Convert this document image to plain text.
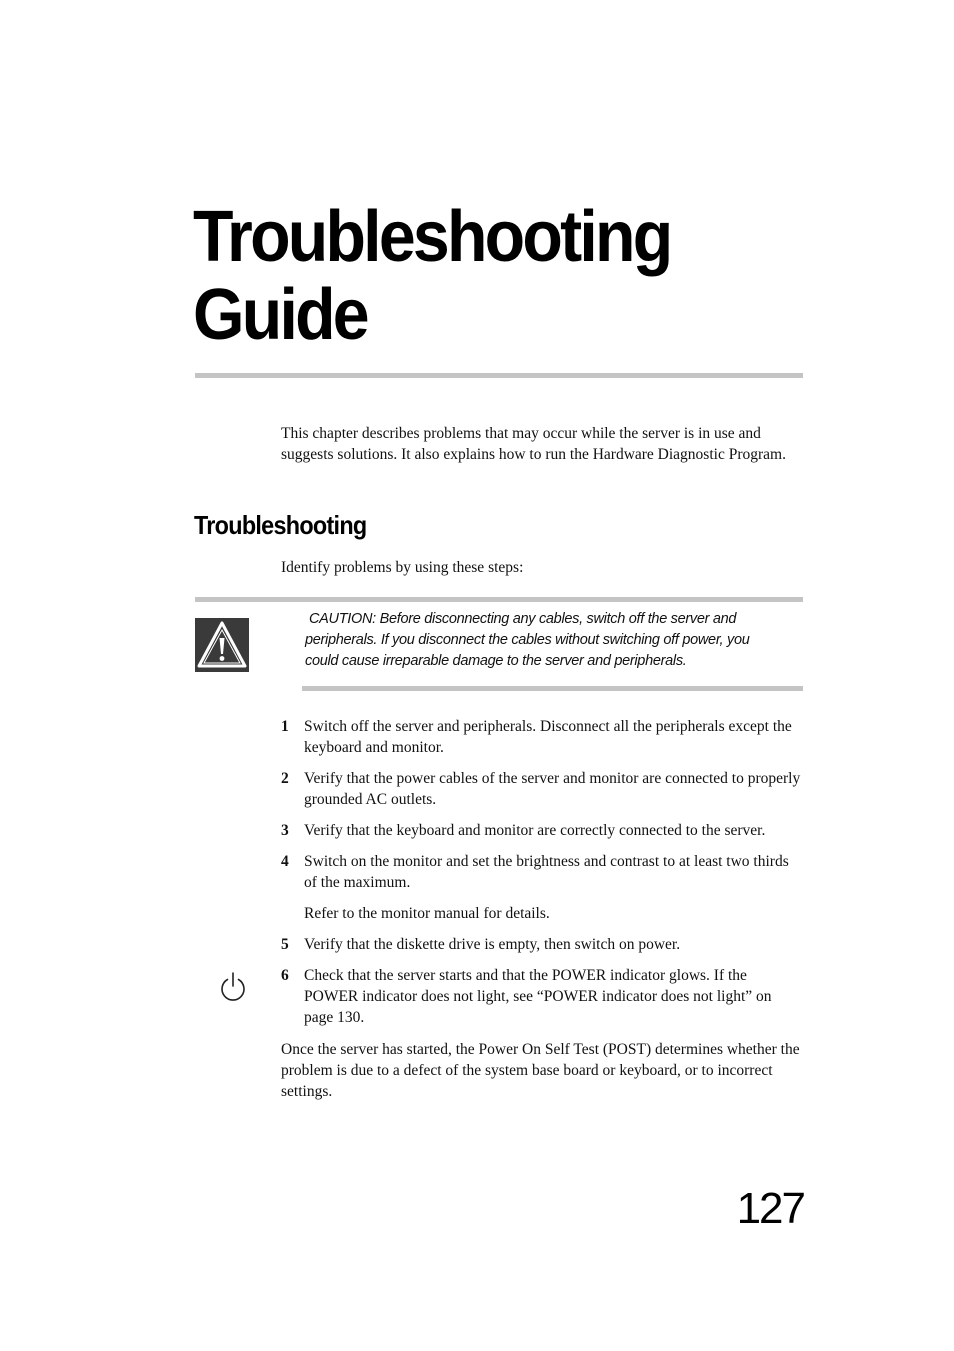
Troubleshooting
Guide

This chapter describes problems that may occur while the server is in use and suggests solutions. It also explains how to run the Hardware Diagnostic Program.

Troubleshooting

Identify problems by using these steps:

CAUTION: Before disconnecting any cables, switch off the server and peripherals. If you disconnect the cables without switching off power, you could cause irreparable damage to the server and peripherals.

1 Switch off the server and peripherals. Disconnect all the peripherals except the keyboard and monitor.
2 Verify that the power cables of the server and monitor are connected to properly grounded AC outlets.
3 Verify that the keyboard and monitor are correctly connected to the server.
4 Switch on the monitor and set the brightness and contrast to at least two thirds of the maximum.
Refer to the monitor manual for details.
5 Verify that the diskette drive is empty, then switch on power.
6 Check that the server starts and that the POWER indicator glows. If the POWER indicator does not light, see “POWER indicator does not light” on page 130.

Once the server has started, the Power On Self Test (POST) determines whether the problem is due to a defect of the system base board or keyboard, or to incorrect settings.

127
